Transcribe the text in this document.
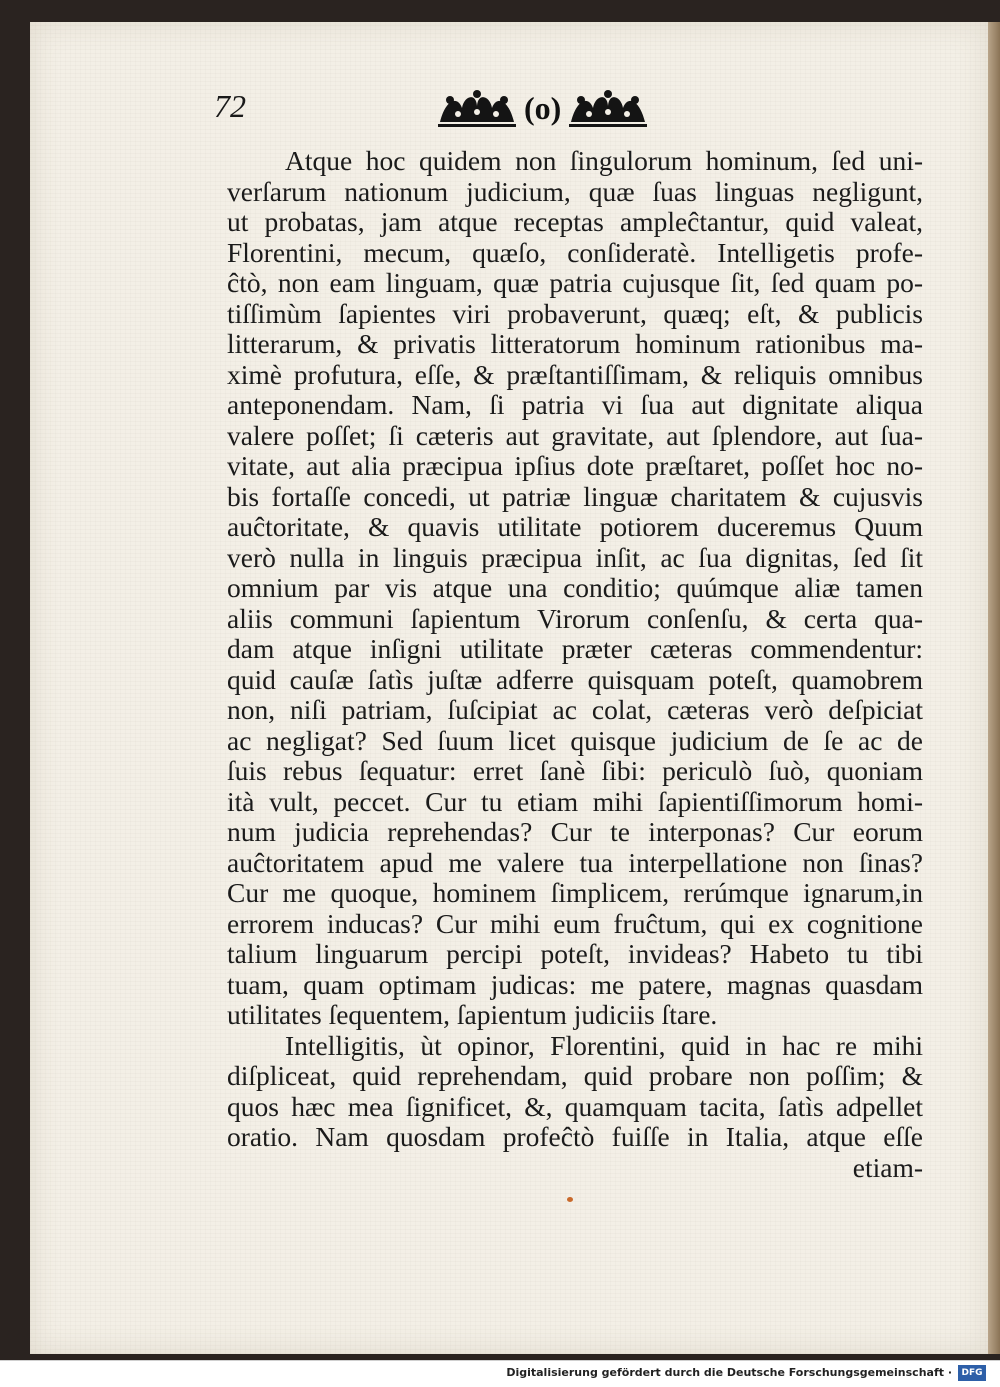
72	(o)
Atque hoc quidem non ſingulorum hominum, ſed uni-
verſarum nationum judicium, quæ ſuas linguas negligunt,
ut probatas, jam atque receptas ampleĉtantur, quid valeat,
Florentini, mecum, quæſo, conſideratè. Intelligetis profe-
ĉtò, non eam linguam, quæ patria cujusque ſit, ſed quam po-
tiſſimùm ſapientes viri probaverunt, quæq; eſt, & publicis
litterarum, & privatis litteratorum hominum rationibus ma-
ximè profutura, eſſe, & præſtantiſſimam, & reliquis omnibus
anteponendam. Nam, ſi patria vi ſua aut dignitate aliqua
valere poſſet; ſi cæteris aut gravitate, aut ſplendore, aut ſua-
vitate, aut alia præcipua ipſius dote præſtaret, poſſet hoc no-
bis fortaſſe concedi, ut patriæ linguæ charitatem & cujusvis
auĉtoritate, & quavis utilitate potiorem duceremus Quum
verò nulla in linguis præcipua inſit, ac ſua dignitas, ſed ſit
omnium par vis atque una conditio; quúmque aliæ tamen
aliis communi ſapientum Virorum conſenſu, & certa qua-
dam atque inſigni utilitate præter cæteras commendentur:
quid cauſæ ſatìs juſtæ adferre quisquam poteſt, quamobrem
non, niſi patriam, ſuſcipiat ac colat, cæteras verò deſpiciat
ac negligat? Sed ſuum licet quisque judicium de ſe ac de
ſuis rebus ſequatur: erret ſanè ſibi: periculò ſuò, quoniam
ità vult, peccet. Cur tu etiam mihi ſapientiſſimorum homi-
num judicia reprehendas? Cur te interponas? Cur eorum
auĉtoritatem apud me valere tua interpellatione non ſinas?
Cur me quoque, hominem ſimplicem, rerúmque ignarum,in
errorem inducas? Cur mihi eum fruĉtum, qui ex cognitione
talium linguarum percipi poteſt, invideas? Habeto tu tibi
tuam, quam optimam judicas: me patere, magnas quasdam
utilitates ſequentem, ſapientum judiciis ſtare.
Intelligitis, ùt opinor, Florentini, quid in hac re mihi
diſpliceat, quid reprehendam, quid probare non poſſim; &
quos hæc mea ſignificet, &, quamquam tacita, ſatìs adpellet
oratio. Nam quosdam profeĉtò fuiſſe in Italia, atque eſſe
etiam-
Digitalisierung gefördert durch die Deutsche Forschungsgemeinschaft ·	DFG
